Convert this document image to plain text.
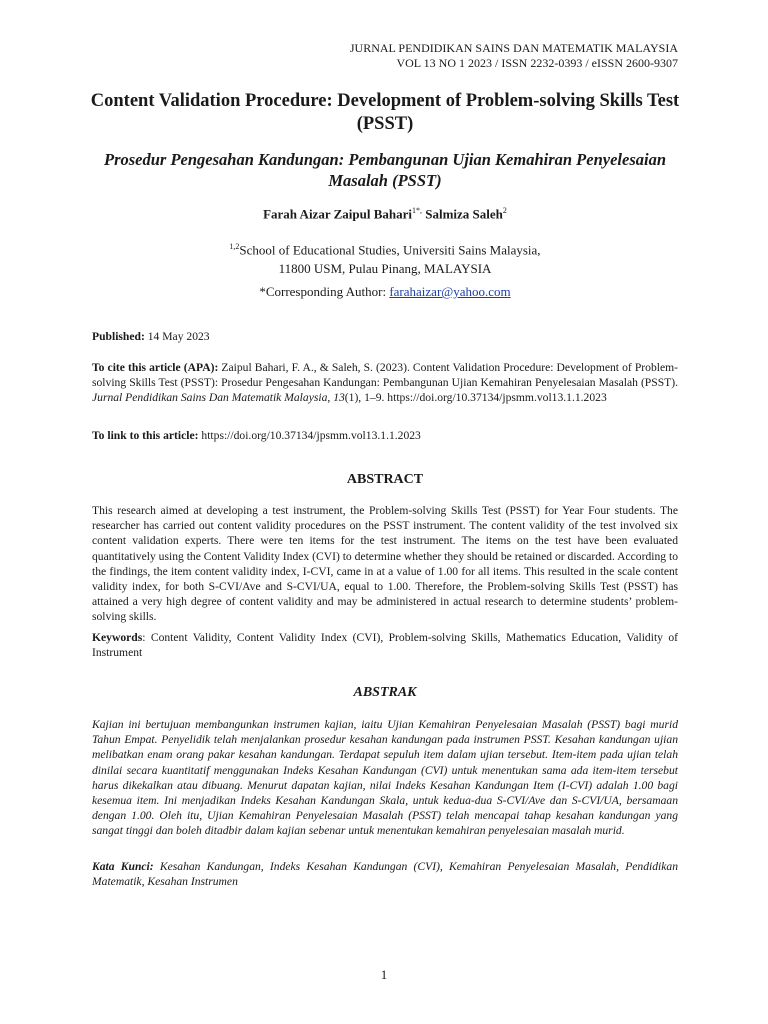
JURNAL PENDIDIKAN SAINS DAN MATEMATIK MALAYSIA
VOL 13 NO 1 2023 / ISSN 2232-0393 / eISSN 2600-9307
Content Validation Procedure: Development of Problem-solving Skills Test (PSST)
Prosedur Pengesahan Kandungan: Pembangunan Ujian Kemahiran Penyelesaian Masalah (PSST)
Farah Aizar Zaipul Bahari$^{1*,}$ Salmiza Saleh$^2$
$^{1,2}$School of Educational Studies, Universiti Sains Malaysia,
11800 USM, Pulau Pinang, MALAYSIA
*Corresponding Author: farahaizar@yahoo.com
Published: 14 May 2023
To cite this article (APA): Zaipul Bahari, F. A., & Saleh, S. (2023). Content Validation Procedure: Development of Problem-solving Skills Test (PSST): Prosedur Pengesahan Kandungan: Pembangunan Ujian Kemahiran Penyelesaian Masalah (PSST). Jurnal Pendidikan Sains Dan Matematik Malaysia, 13(1), 1–9. https://doi.org/10.37134/jpsmm.vol13.1.1.2023
To link to this article: https://doi.org/10.37134/jpsmm.vol13.1.1.2023
ABSTRACT
This research aimed at developing a test instrument, the Problem-solving Skills Test (PSST) for Year Four students. The researcher has carried out content validity procedures on the PSST instrument. The content validity of the test involved six content validation experts. There were ten items for the test instrument. The items on the test have been evaluated quantitatively using the Content Validity Index (CVI) to determine whether they should be retained or discarded. According to the findings, the item content validity index, I-CVI, came in at a value of 1.00 for all items. This resulted in the scale content validity index, for both S-CVI/Ave and S-CVI/UA, equal to 1.00. Therefore, the Problem-solving Skills Test (PSST) has attained a very high degree of content validity and may be administered in actual research to determine students’ problem-solving skills.
Keywords: Content Validity, Content Validity Index (CVI), Problem-solving Skills, Mathematics Education, Validity of Instrument
ABSTRAK
Kajian ini bertujuan membangunkan instrumen kajian, iaitu Ujian Kemahiran Penyelesaian Masalah (PSST) bagi murid Tahun Empat. Penyelidik telah menjalankan prosedur kesahan kandungan pada instrumen PSST. Kesahan kandungan ujian melibatkan enam orang pakar kesahan kandungan. Terdapat sepuluh item dalam ujian tersebut. Item-item pada ujian telah dinilai secara kuantitatif menggunakan Indeks Kesahan Kandungan (CVI) untuk menentukan sama ada item-item tersebut harus dikekalkan atau dibuang. Menurut dapatan kajian, nilai Indeks Kesahan Kandungan Item (I-CVI) adalah 1.00 bagi kesemua item. Ini menjadikan Indeks Kesahan Kandungan Skala, untuk kedua-dua S-CVI/Ave dan S-CVI/UA, bersamaan dengan 1.00. Oleh itu, Ujian Kemahiran Penyelesaian Masalah (PSST) telah mencapai tahap kesahan kandungan yang sangat tinggi dan boleh ditadbir dalam kajian sebenar untuk menentukan kemahiran penyelesaian masalah murid.
Kata Kunci: Kesahan Kandungan, Indeks Kesahan Kandungan (CVI), Kemahiran Penyelesaian Masalah, Pendidikan Matematik, Kesahan Instrumen
1
